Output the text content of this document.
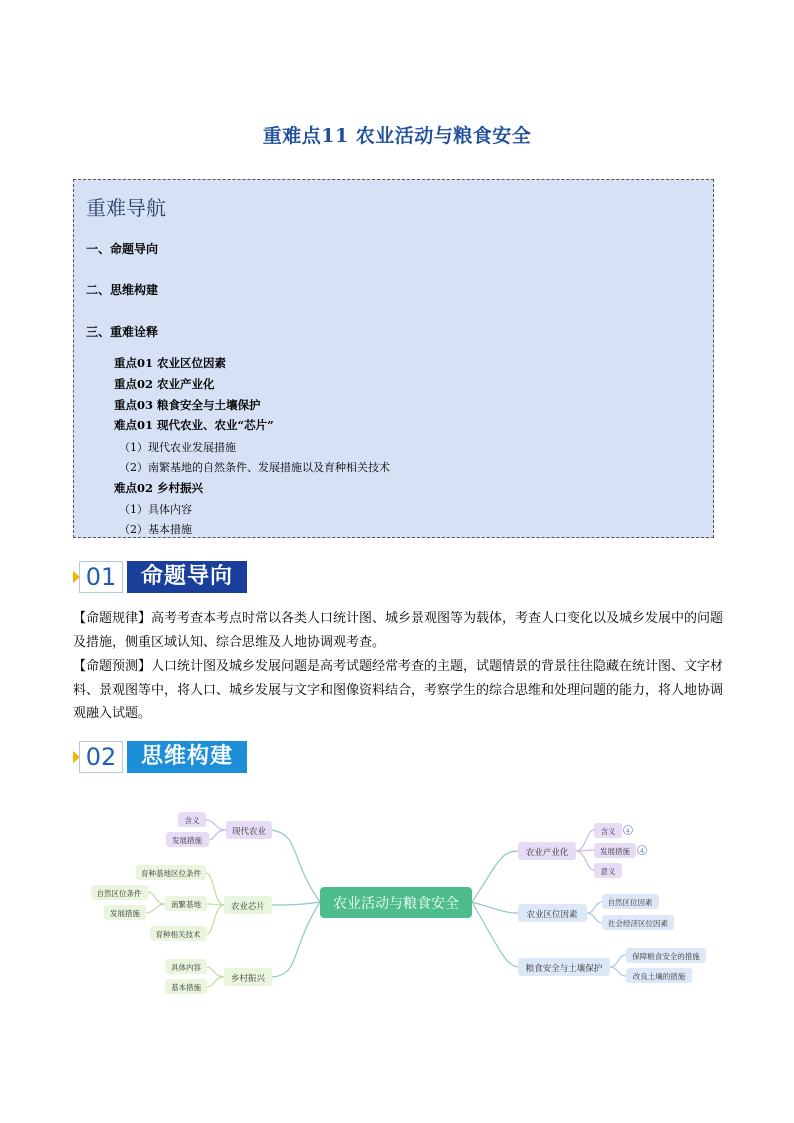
重难点11 农业活动与粮食安全
重难导航
一、命题导向
二、思维构建
三、重难诠释
重点01 农业区位因素
重点02 农业产业化
重点03 粮食安全与土壤保护
难点01 现代农业、农业“芯片”
（1）现代农业发展措施
（2）南繁基地的自然条件、发展措施以及育种相关技术
难点02 乡村振兴
（1）具体内容
（2）基本措施
01	命题导向
【命题规律】高考考查本考点时常以各类人口统计图、城乡景观图等为载体，考查人口变化以及城乡发展中的问题及措施，侧重区域认知、综合思维及人地协调观考查。
【命题预测】人口统计图及城乡发展问题是高考试题经常考查的主题，试题情景的背景往往隐藏在统计图、文字材料、景观图等中，将人口、城乡发展与文字和图像资料结合，考察学生的综合思维和处理问题的能力，将人地协调观融入试题。
02	思维构建
农业活动与粮食安全
现代农业
农业芯片
乡村振兴
含义
发展措施
育种基地区位条件
南繁基地
育种相关技术
自然区位条件
发展措施
具体内容
基本措施
农业产业化
农业区位因素
粮食安全与土壤保护
含义 4
发展措施 4
意义
自然区位因素
社会经济区位因素
保障粮食安全的措施
改良土壤的措施
